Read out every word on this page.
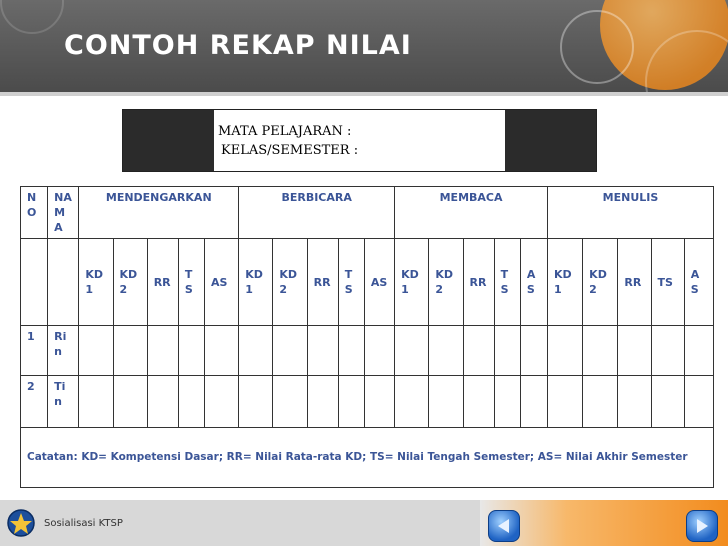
CONTOH REKAP NILAI
MATA PELAJARAN :
KELAS/SEMESTER :
NO	NAMA	MENDENGARKAN					BERBICARA					MEMBACA					MENULIS				
		KD1	KD2	RR	TS	AS	KD1	KD2	RR	TS	AS	KD1	KD2	RR	TS	AS	KD1	KD2	RR	TS	AS
1	Rin																				
2	Tin																				
Catatan: KD= Kompetensi Dasar; RR= Nilai Rata-rata KD; TS= Nilai Tengah Semester; AS= Nilai Akhir Semester																					
Sosialisasi KTSP
